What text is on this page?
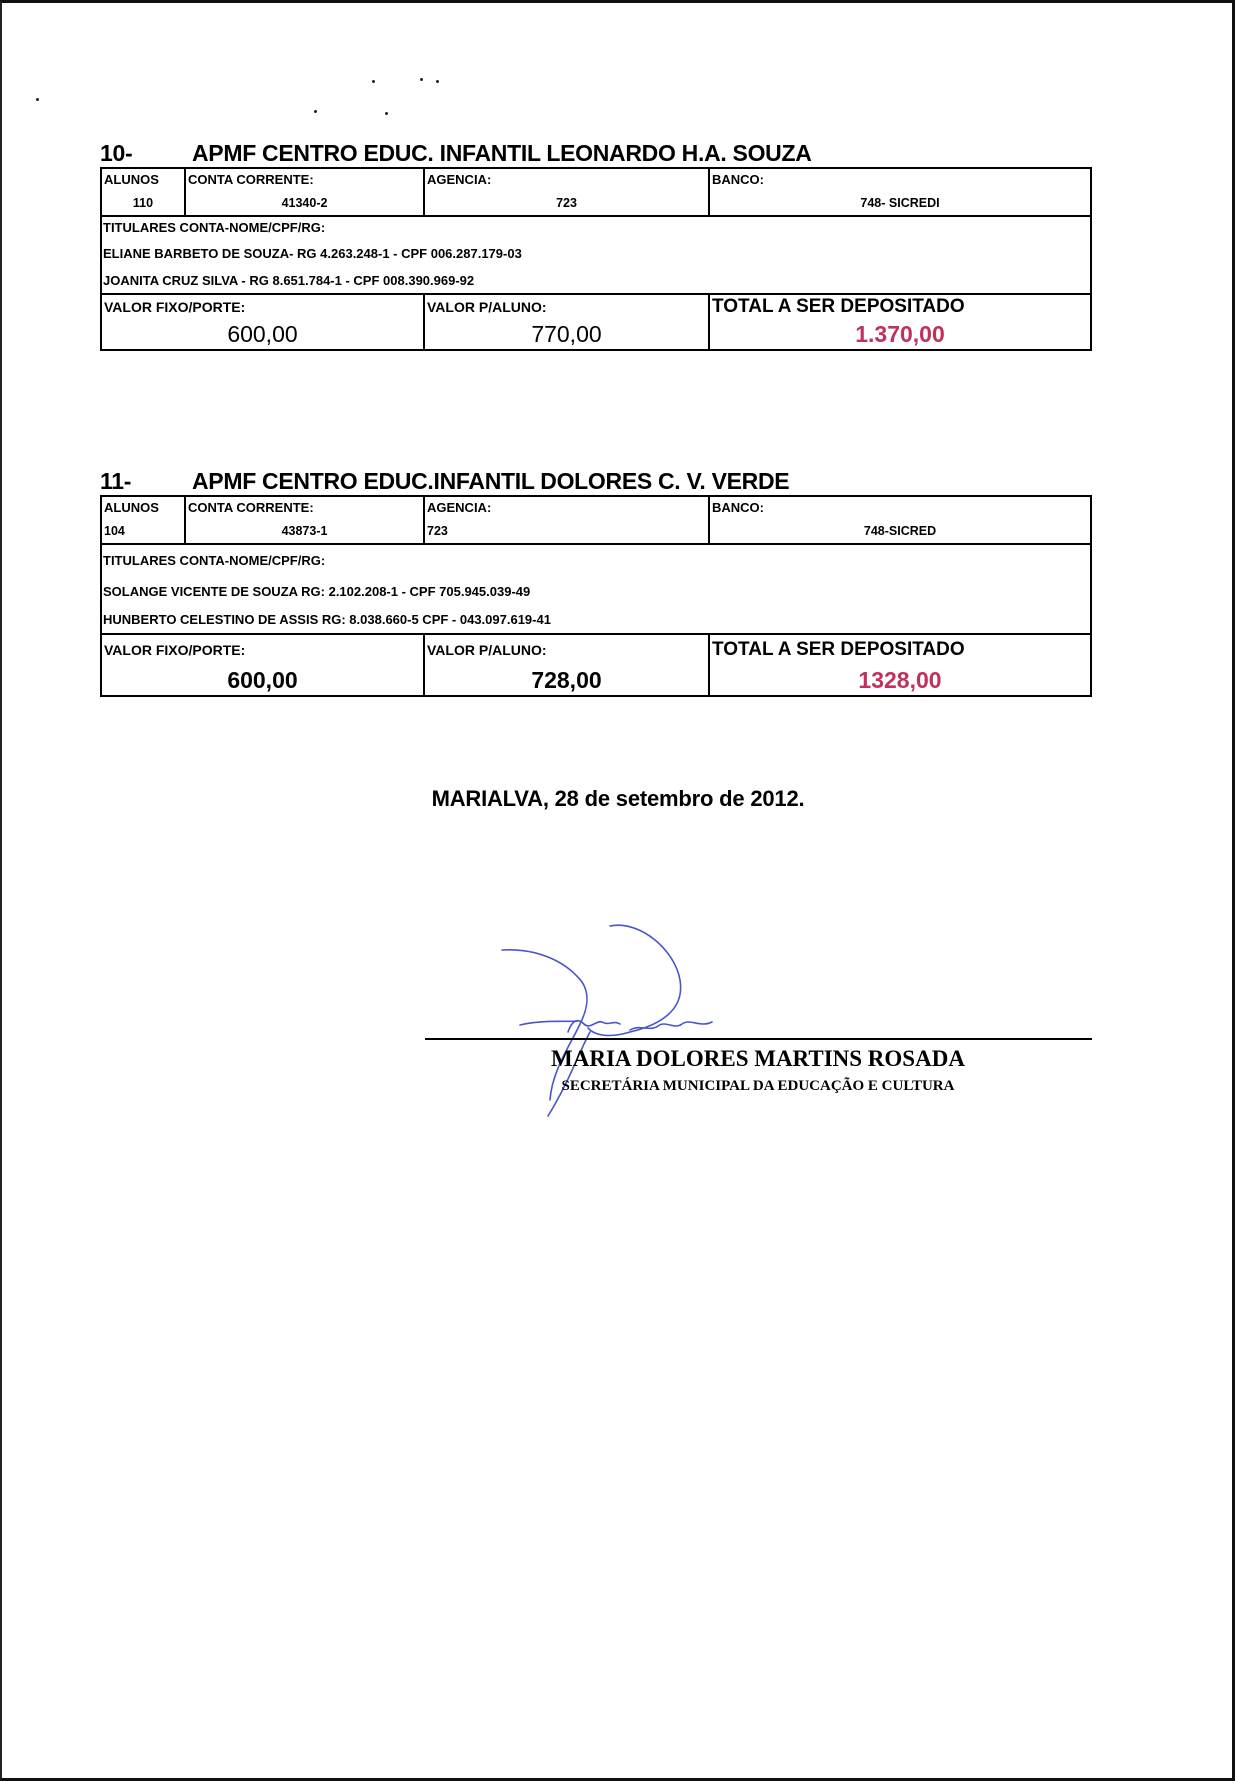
10-	APMF CENTRO EDUC. INFANTIL LEONARDO H.A. SOUZA
ALUNOS	CONTA CORRENTE:	AGENCIA:	BANCO:
110	41340-2	723	748- SICREDI
TITULARES CONTA-NOME/CPF/RG:
ELIANE BARBETO DE SOUZA- RG 4.263.248-1 - CPF 006.287.179-03
JOANITA CRUZ SILVA - RG 8.651.784-1 - CPF 008.390.969-92
VALOR FIXO/PORTE:	VALOR P/ALUNO:	TOTAL A SER DEPOSITADO
600,00	770,00	1.370,00
11-	APMF CENTRO EDUC.INFANTIL DOLORES C. V. VERDE
ALUNOS	CONTA CORRENTE:	AGENCIA:	BANCO:
104	43873-1	723	748-SICRED
TITULARES CONTA-NOME/CPF/RG:
SOLANGE VICENTE DE SOUZA RG: 2.102.208-1 - CPF 705.945.039-49
HUNBERTO CELESTINO DE ASSIS RG: 8.038.660-5 CPF - 043.097.619-41
VALOR FIXO/PORTE:	VALOR P/ALUNO:	TOTAL A SER DEPOSITADO
600,00	728,00	1328,00
MARIALVA, 28 de setembro de 2012.
MARIA DOLORES MARTINS ROSADA
SECRETÁRIA MUNICIPAL DA EDUCAÇÃO E CULTURA
